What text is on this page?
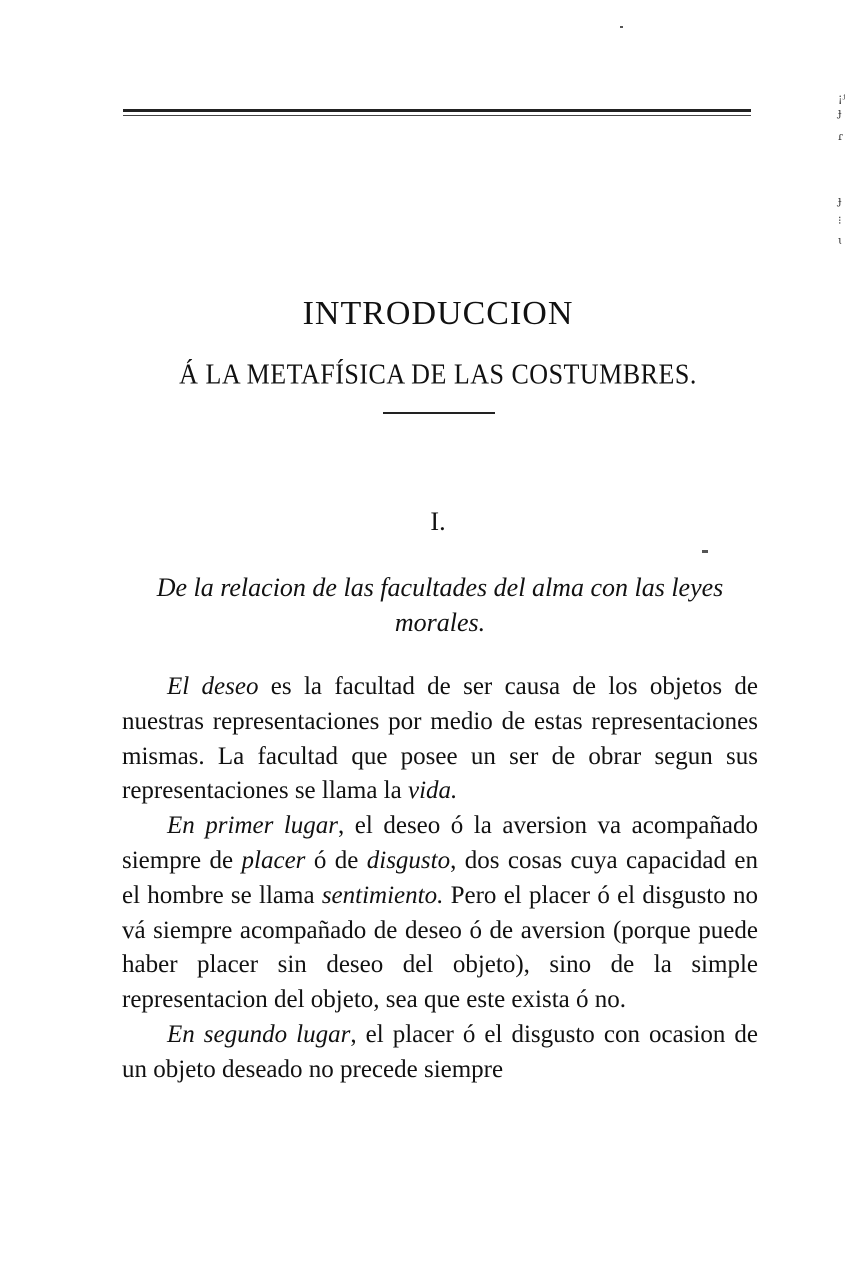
¡ʲ
ɟ
ɾ
ɟ
⁝
ɩ
INTRODUCCION
Á LA METAFÍSICA DE LAS COSTUMBRES.
I.
De la relacion de las facultades del alma con las leyes morales.

El deseo es la facultad de ser causa de los objetos de nuestras representaciones por medio de estas representaciones mismas. La facultad que posee un ser de obrar segun sus representaciones se llama la vida.

En primer lugar, el deseo ó la aversion va acompañado siempre de placer ó de disgusto, dos cosas cuya capacidad en el hombre se llama sentimiento. Pero el placer ó el disgusto no vá siempre acompañado de deseo ó de aversion (porque puede haber placer sin deseo del objeto), sino de la simple representacion del objeto, sea que este exista ó no.

En segundo lugar, el placer ó el disgusto con ocasion de un objeto deseado no precede siempre
